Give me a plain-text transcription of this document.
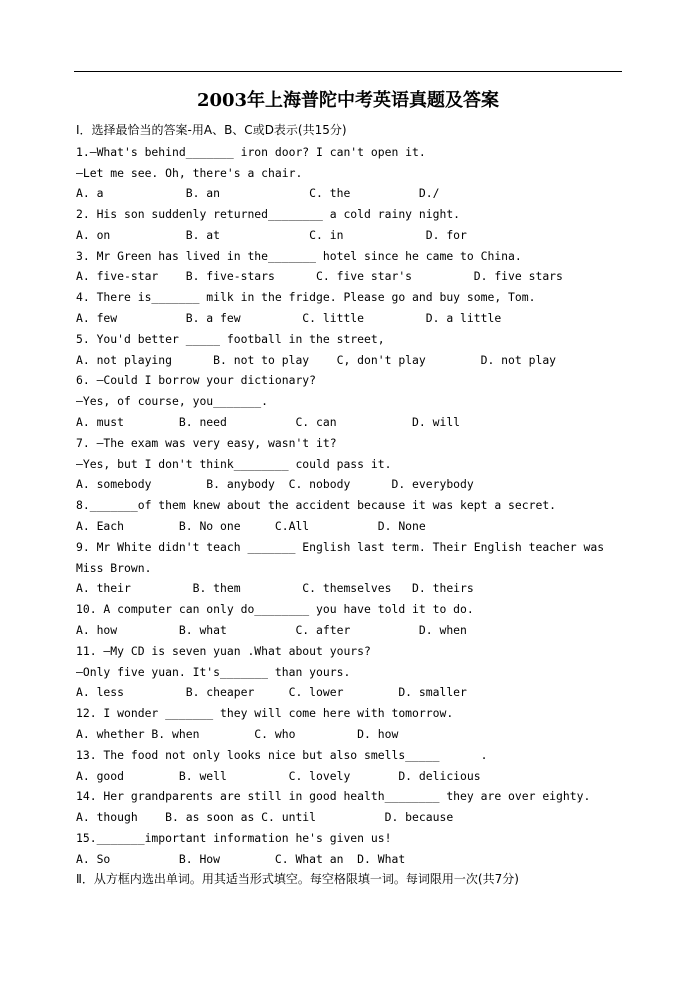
2003年上海普陀中考英语真题及答案
I．选择最恰当的答案-用A、B、C或D表示(共15分)
1.—What's behind_______ iron door? I can't open it.
—Let me see. Oh, there's a chair.
A. a            B. an             C. the          D./
2. His son suddenly returned________ a cold rainy night.
A. on           B. at             C. in            D. for
3. Mr Green has lived in the_______ hotel since he came to China.
A. five-star    B. five-stars      C. five star's         D. five stars
4. There is_______ milk in the fridge. Please go and buy some, Tom.
A. few          B. a few         C. little         D. a little
5. You'd better _____ football in the street,
A. not playing      B. not to play    C, don't play        D. not play
6. —Could I borrow your dictionary?
—Yes, of course, you_______.
A. must        B. need          C. can           D. will
7. —The exam was very easy, wasn't it?
—Yes, but I don't think________ could pass it.
A. somebody        B. anybody  C. nobody      D. everybody
8._______of them knew about the accident because it was kept a secret.
A. Each        B. No one     C.All          D. None
9. Mr White didn't teach _______ English last term. Their English teacher was
Miss Brown.
A. their         B. them         C. themselves   D. theirs
10. A computer can only do________ you have told it to do.
A. how         B. what          C. after          D. when
11. —My CD is seven yuan .What about yours?
—Only five yuan. It's_______ than yours.
A. less         B. cheaper     C. lower        D. smaller
12. I wonder _______ they will come here with tomorrow.
A. whether B. when        C. who         D. how
13. The food not only looks nice but also smells_____      .
A. good        B. well         C. lovely       D. delicious
14. Her grandparents are still in good health________ they are over eighty.
A. though    B. as soon as C. until          D. because
15._______important information he's given us!
A. So          B. How        C. What an  D. What
Ⅱ．从方框内选出单词。用其适当形式填空。每空格限填一词。每词限用一次(共7分)
